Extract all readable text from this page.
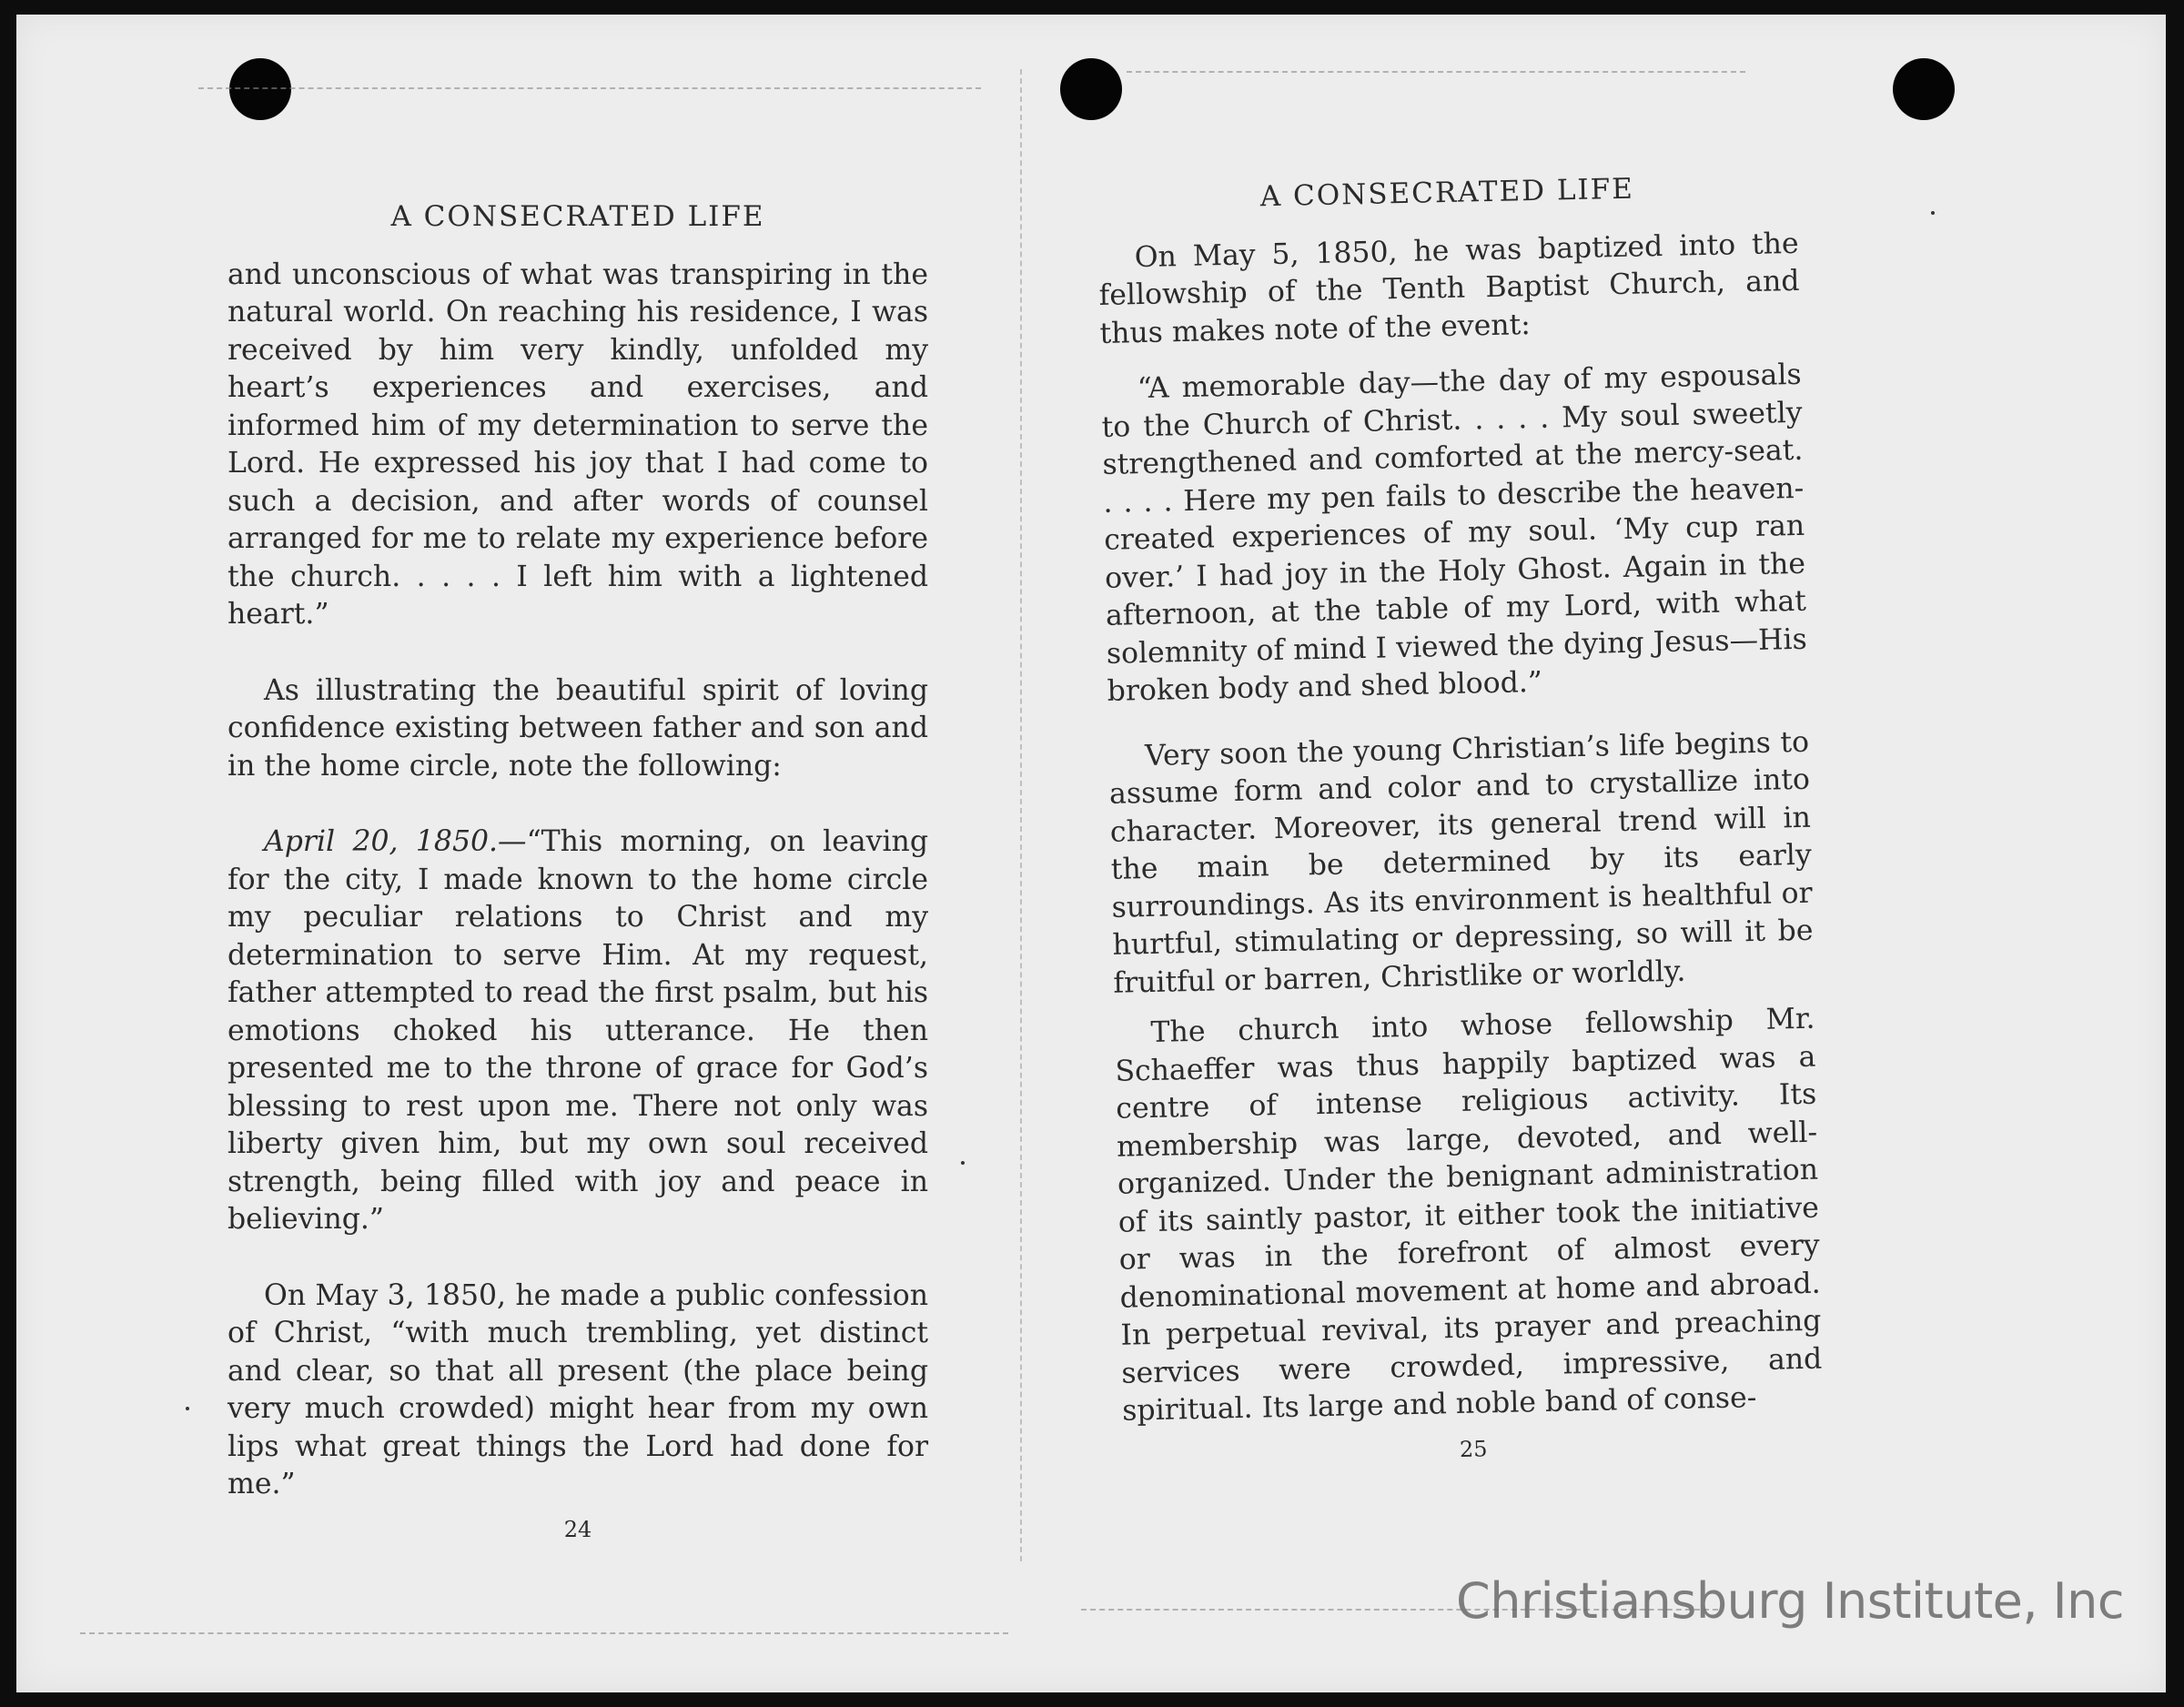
A CONSECRATED LIFE

and unconscious of what was transpiring in the natural world. On reaching his residence, I was received by him very kindly, unfolded my heart’s experiences and exercises, and informed him of my determination to serve the Lord. He expressed his joy that I had come to such a decision, and after words of counsel arranged for me to relate my experience before the church. . . . . I left him with a lightened heart.”

As illustrating the beautiful spirit of loving confidence existing between father and son and in the home circle, note the following:

April 20, 1850.—“This morning, on leaving for the city, I made known to the home circle my peculiar relations to Christ and my determination to serve Him. At my request, father attempted to read the first psalm, but his emotions choked his utterance. He then presented me to the throne of grace for God’s blessing to rest upon me. There not only was liberty given him, but my own soul received strength, being filled with joy and peace in believing.”

On May 3, 1850, he made a public confession of Christ, “with much trembling, yet distinct and clear, so that all present (the place being very much crowded) might hear from my own lips what great things the Lord had done for me.”

24
A CONSECRATED LIFE

On May 5, 1850, he was baptized into the fellowship of the Tenth Baptist Church, and thus makes note of the event:

“A memorable day—the day of my espousals to the Church of Christ. . . . . My soul sweetly strengthened and comforted at the mercy-seat. . . . . Here my pen fails to describe the heaven-created experiences of my soul. ‘My cup ran over.’ I had joy in the Holy Ghost. Again in the afternoon, at the table of my Lord, with what solemnity of mind I viewed the dying Jesus—His broken body and shed blood.”

Very soon the young Christian’s life begins to assume form and color and to crystallize into character. Moreover, its general trend will in the main be determined by its early surroundings. As its environment is healthful or hurtful, stimulating or depressing, so will it be fruitful or barren, Christlike or worldly.

The church into whose fellowship Mr. Schaeffer was thus happily baptized was a centre of intense religious activity. Its membership was large, devoted, and well-organized. Under the benignant administration of its saintly pastor, it either took the initiative or was in the forefront of almost every denominational movement at home and abroad. In perpetual revival, its prayer and preaching services were crowded, impressive, and spiritual. Its large and noble band of conse-

25
Christiansburg Institute, Inc
